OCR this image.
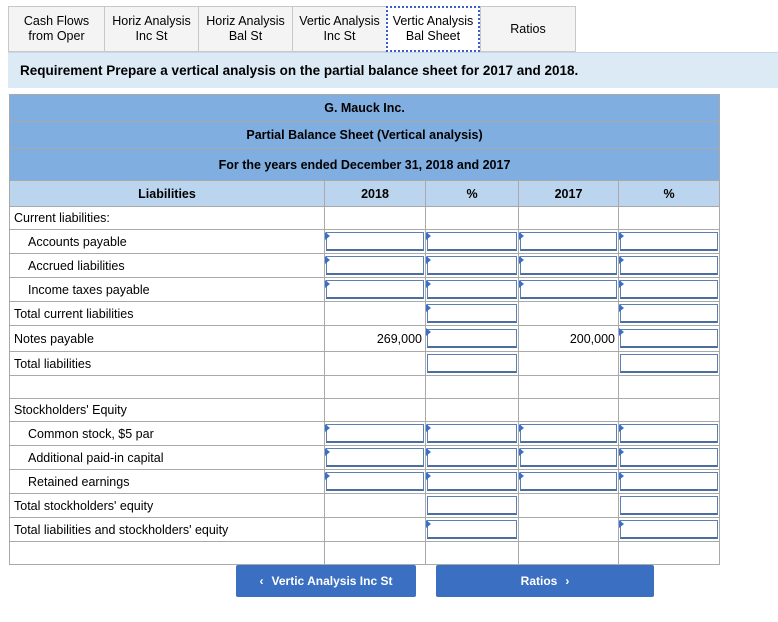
Cash Flows
from Oper
Horiz Analysis
Inc St
Horiz Analysis
Bal St
Vertic Analysis
Inc St
Vertic Analysis
Bal Sheet
Ratios
Requirement Prepare a vertical analysis on the partial balance sheet for 2017 and 2018.
G. Mauck Inc.				
Partial Balance Sheet (Vertical analysis)				
For the years ended December 31, 2018 and 2017				
Liabilities	2018	%	2017	%
Current liabilities:				
Accounts payable	

Accrued liabilities	

Income taxes payable	

Total current liabilities		

Notes payable	269,000		200,000	

Total liabilities		

Stockholders' Equity				
Common stock, $5 par	

Additional paid-in capital	

Retained earnings	

Total stockholders' equity		

Total liabilities and stockholders' equity		

‹ Vertic Analysis Inc St	Ratios ›
